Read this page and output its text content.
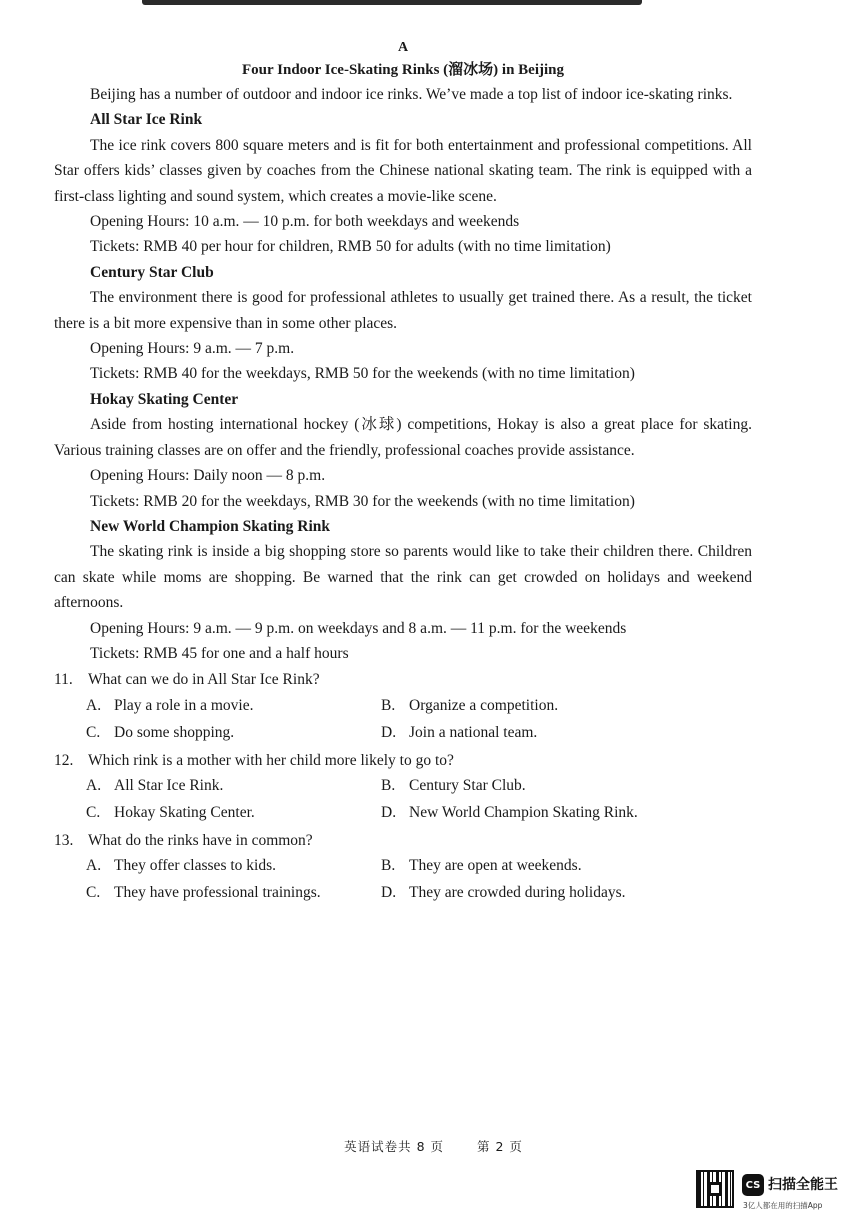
A
Four Indoor Ice-Skating Rinks (溜冰场) in Beijing

Beijing has a number of outdoor and indoor ice rinks. We’ve made a top list of indoor ice-skating rinks.

All Star Ice Rink

The ice rink covers 800 square meters and is fit for both entertainment and professional competitions. All Star offers kids’ classes given by coaches from the Chinese national skating team. The rink is equipped with a first-class lighting and sound system, which creates a movie-like scene.

Opening Hours: 10 a.m. — 10 p.m. for both weekdays and weekends

Tickets: RMB 40 per hour for children, RMB 50 for adults (with no time limitation)

Century Star Club

The environment there is good for professional athletes to usually get trained there. As a result, the ticket there is a bit more expensive than in some other places.

Opening Hours: 9 a.m. — 7 p.m.

Tickets: RMB 40 for the weekdays, RMB 50 for the weekends (with no time limitation)

Hokay Skating Center

Aside from hosting international hockey (冰球) competitions, Hokay is also a great place for skating. Various training classes are on offer and the friendly, professional coaches provide assistance.

Opening Hours: Daily noon — 8 p.m.

Tickets: RMB 20 for the weekdays, RMB 30 for the weekends (with no time limitation)

New World Champion Skating Rink

The skating rink is inside a big shopping store so parents would like to take their children there. Children can skate while moms are shopping. Be warned that the rink can get crowded on holidays and weekend afternoons.

Opening Hours: 9 a.m. — 9 p.m. on weekdays and 8 a.m. — 11 p.m. for the weekends

Tickets: RMB 45 for one and a half hours

11. What can we do in All Star Ice Rink?
A. Play a role in a movie.	B. Organize a competition.
C. Do some shopping.	D. Join a national team.
12. Which rink is a mother with her child more likely to go to?
A. All Star Ice Rink.	B. Century Star Club.
C. Hokay Skating Center.	D. New World Champion Skating Rink.
13. What do the rinks have in common?
A. They offer classes to kids.	B. They are open at weekends.
C. They have professional trainings.	D. They are crowded during holidays.
英语试卷共 8 页	第 2 页
CS 扫描全能王
3亿人都在用的扫描App
